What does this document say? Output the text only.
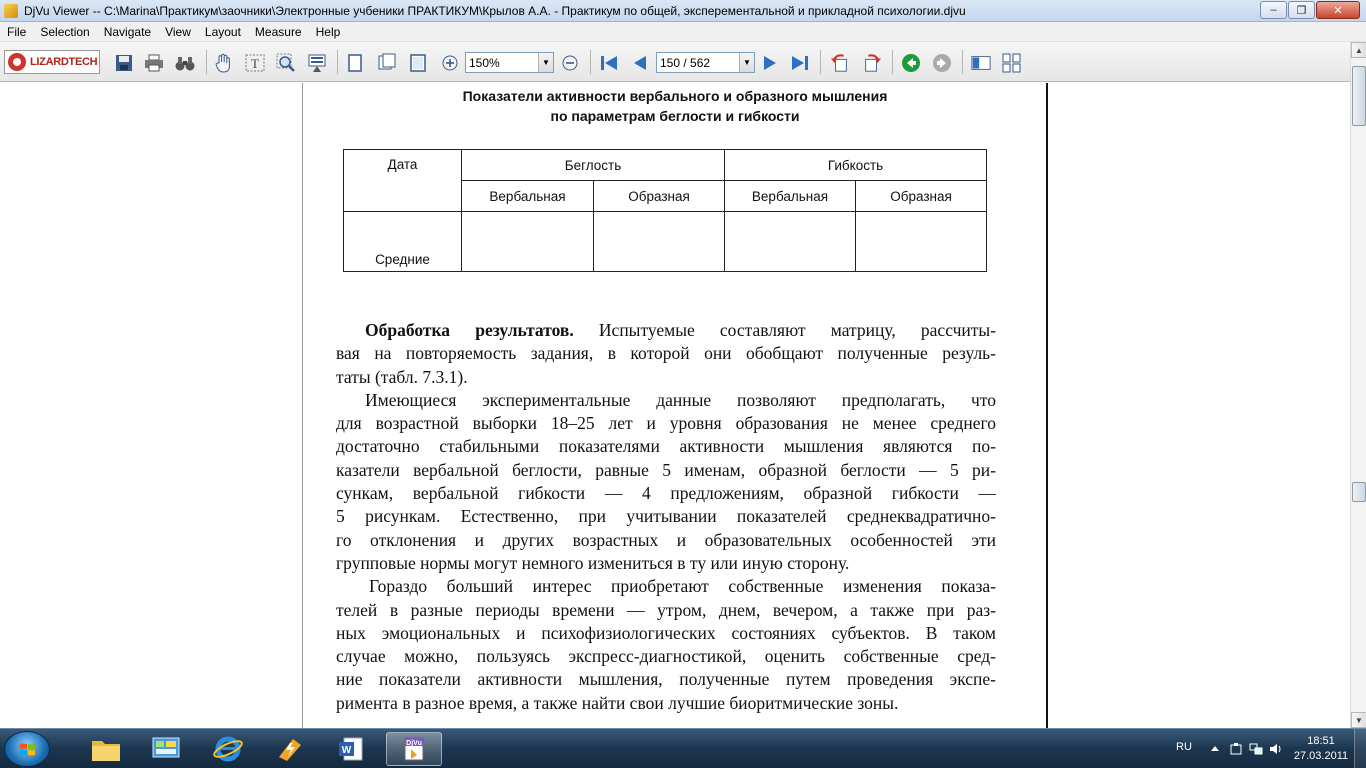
DjVu Viewer -- C:\Marina\Практикум\заочники\Электронные учбеники ПРАКТИКУМ\Крылов А.А. - Практикум по общей, эксперементальной и прикладной психологии.djvu	– ❐ ✕
File	Selection	Navigate	View	Layout	Measure	Help
LIZARDTECH	T	150%	▼	150 / 562	▼
Показатели активности вербального и образного мышления
по параметрам беглости и гибкости
Дата	Беглость		Гибкость	
	Вербальная	Образная	Вербальная	Образная
Средние				
Обработка результатов. Испытуемые составляют матрицу, рассчиты-
вая на повторяемость задания, в которой они обобщают полученные резуль-
таты (табл. 7.3.1).
Имеющиеся экспериментальные данные позволяют предполагать, что
для возрастной выборки 18–25 лет и уровня образования не менее среднего
достаточно стабильными показателями активности мышления являются по-
казатели вербальной беглости, равные 5 именам, образной беглости — 5 ри-
сункам, вербальной гибкости — 4 предложениям, образной гибкости —
5 рисункам. Естественно, при учитывании показателей среднеквадратично-
го отклонения и других возрастных и образовательных особенностей эти
групповые нормы могут немного измениться в ту или иную сторону.
Гораздо больший интерес приобретают собственные изменения показа-
телей в разные периоды времени — утром, днем, вечером, а также при раз-
ных эмоциональных и психофизиологических состояниях субъектов. В таком
случае можно, пользуясь экспресс-диагностикой, оценить собственные сред-
ние показатели активности мышления, полученные путем проведения экспе-
римента в разное время, а также найти свои лучшие биоритмические зоны.
▲
▼
W
DjVu	RU	18:51
27.03.2011
